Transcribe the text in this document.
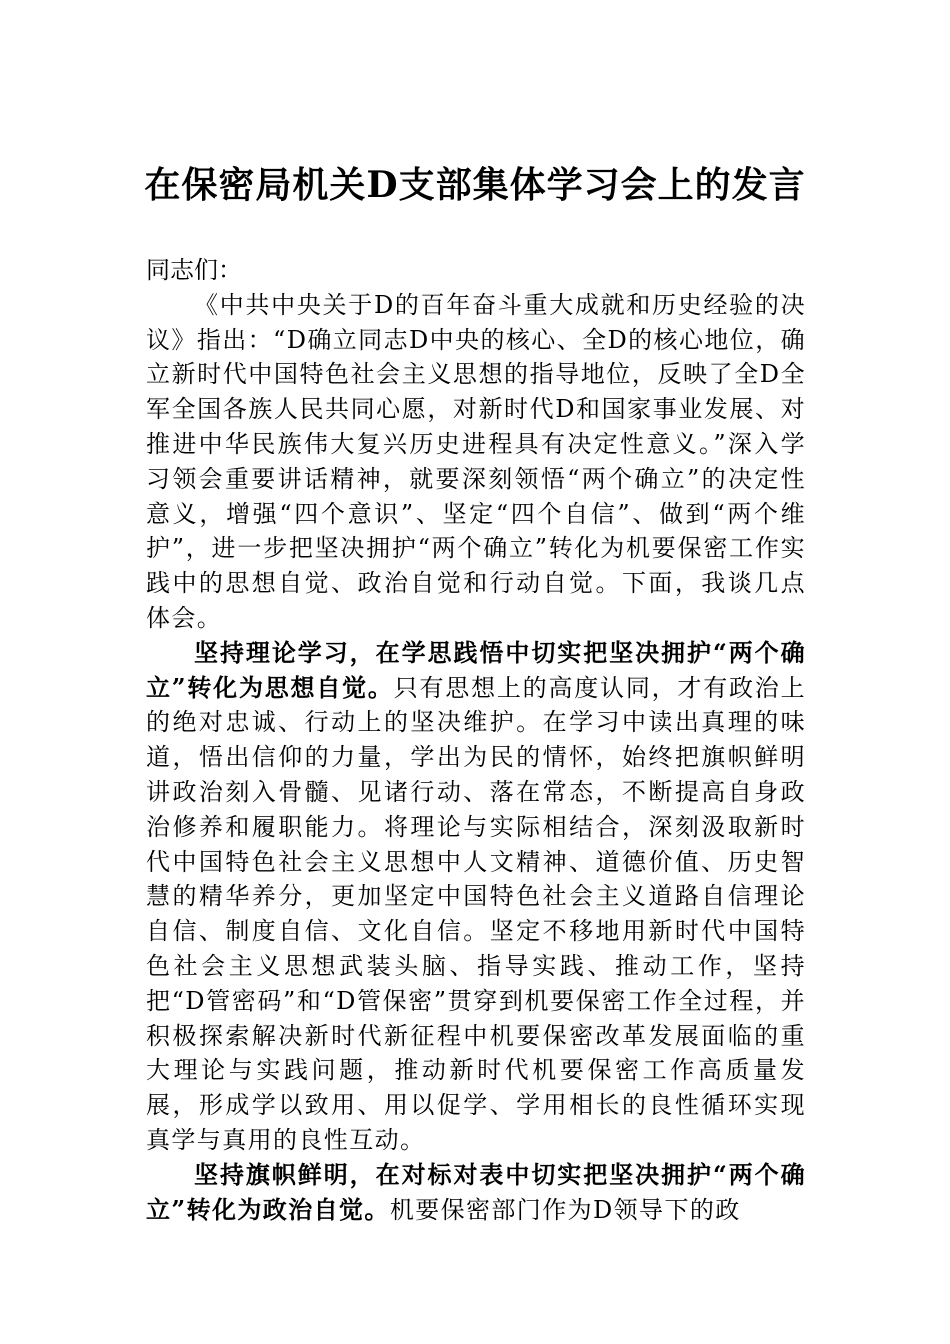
在保密局机关D支部集体学习会上的发言

同志们：

《中共中央关于D的百年奋斗重大成就和历史经验的决议》指出：“D确立同志D中央的核心、全D的核心地位，确立新时代中国特色社会主义思想的指导地位，反映了全D全军全国各族人民共同心愿，对新时代D和国家事业发展、对推进中华民族伟大复兴历史进程具有决定性意义。”深入学习领会重要讲话精神，就要深刻领悟“两个确立”的决定性意义，增强“四个意识”、坚定“四个自信”、做到“两个维护”，进一步把坚决拥护“两个确立”转化为机要保密工作实践中的思想自觉、政治自觉和行动自觉。下面，我谈几点体会。

坚持理论学习，在学思践悟中切实把坚决拥护“两个确立”转化为思想自觉。只有思想上的高度认同，才有政治上的绝对忠诚、行动上的坚决维护。在学习中读出真理的味道，悟出信仰的力量，学出为民的情怀，始终把旗帜鲜明讲政治刻入骨髓、见诸行动、落在常态，不断提高自身政治修养和履职能力。将理论与实际相结合，深刻汲取新时代中国特色社会主义思想中人文精神、道德价值、历史智慧的精华养分，更加坚定中国特色社会主义道路自信理论自信、制度自信、文化自信。坚定不移地用新时代中国特色社会主义思想武装头脑、指导实践、推动工作，坚持把“D管密码”和“D管保密”贯穿到机要保密工作全过程，并积极探索解决新时代新征程中机要保密改革发展面临的重大理论与实践问题，推动新时代机要保密工作高质量发展，形成学以致用、用以促学、学用相长的良性循环实现真学与真用的良性互动。

坚持旗帜鲜明，在对标对表中切实把坚决拥护“两个确立”转化为政治自觉。机要保密部门作为D领导下的政
